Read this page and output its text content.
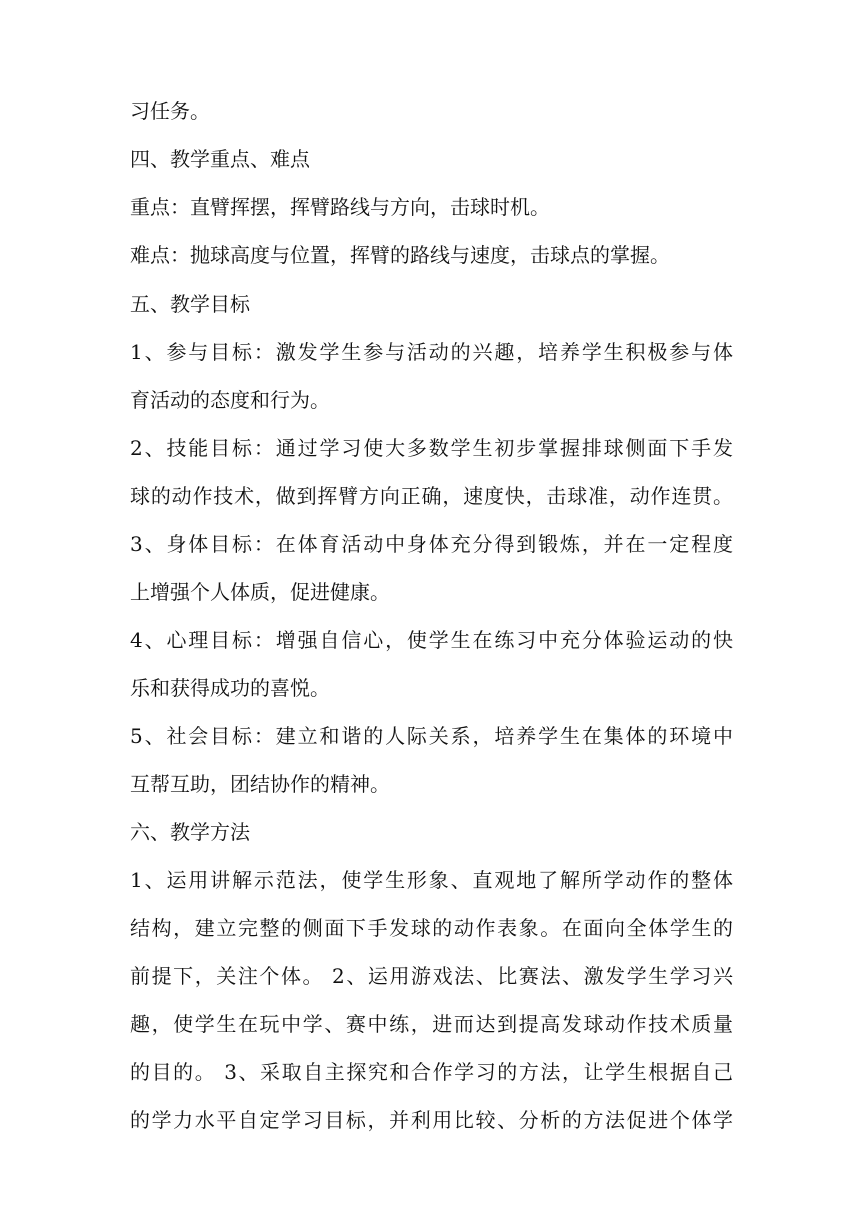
习任务。
四、教学重点、难点
重点：直臂挥摆，挥臂路线与方向，击球时机。
难点：抛球高度与位置，挥臂的路线与速度，击球点的掌握。
五、教学目标
1、参与目标：激发学生参与活动的兴趣，培养学生积极参与体
育活动的态度和行为。
2、技能目标：通过学习使大多数学生初步掌握排球侧面下手发
球的动作技术，做到挥臂方向正确，速度快，击球准，动作连贯。
3、身体目标：在体育活动中身体充分得到锻炼，并在一定程度
上增强个人体质，促进健康。
4、心理目标：增强自信心，使学生在练习中充分体验运动的快
乐和获得成功的喜悦。
5、社会目标：建立和谐的人际关系，培养学生在集体的环境中
互帮互助，团结协作的精神。
六、教学方法
1、运用讲解示范法，使学生形象、直观地了解所学动作的整体
结构，建立完整的侧面下手发球的动作表象。在面向全体学生的
前提下，关注个体。 2、运用游戏法、比赛法、激发学生学习兴
趣，使学生在玩中学、赛中练，进而达到提高发球动作技术质量
的目的。 3、采取自主探究和合作学习的方法，让学生根据自己
的学力水平自定学习目标，并利用比较、分析的方法促进个体学
